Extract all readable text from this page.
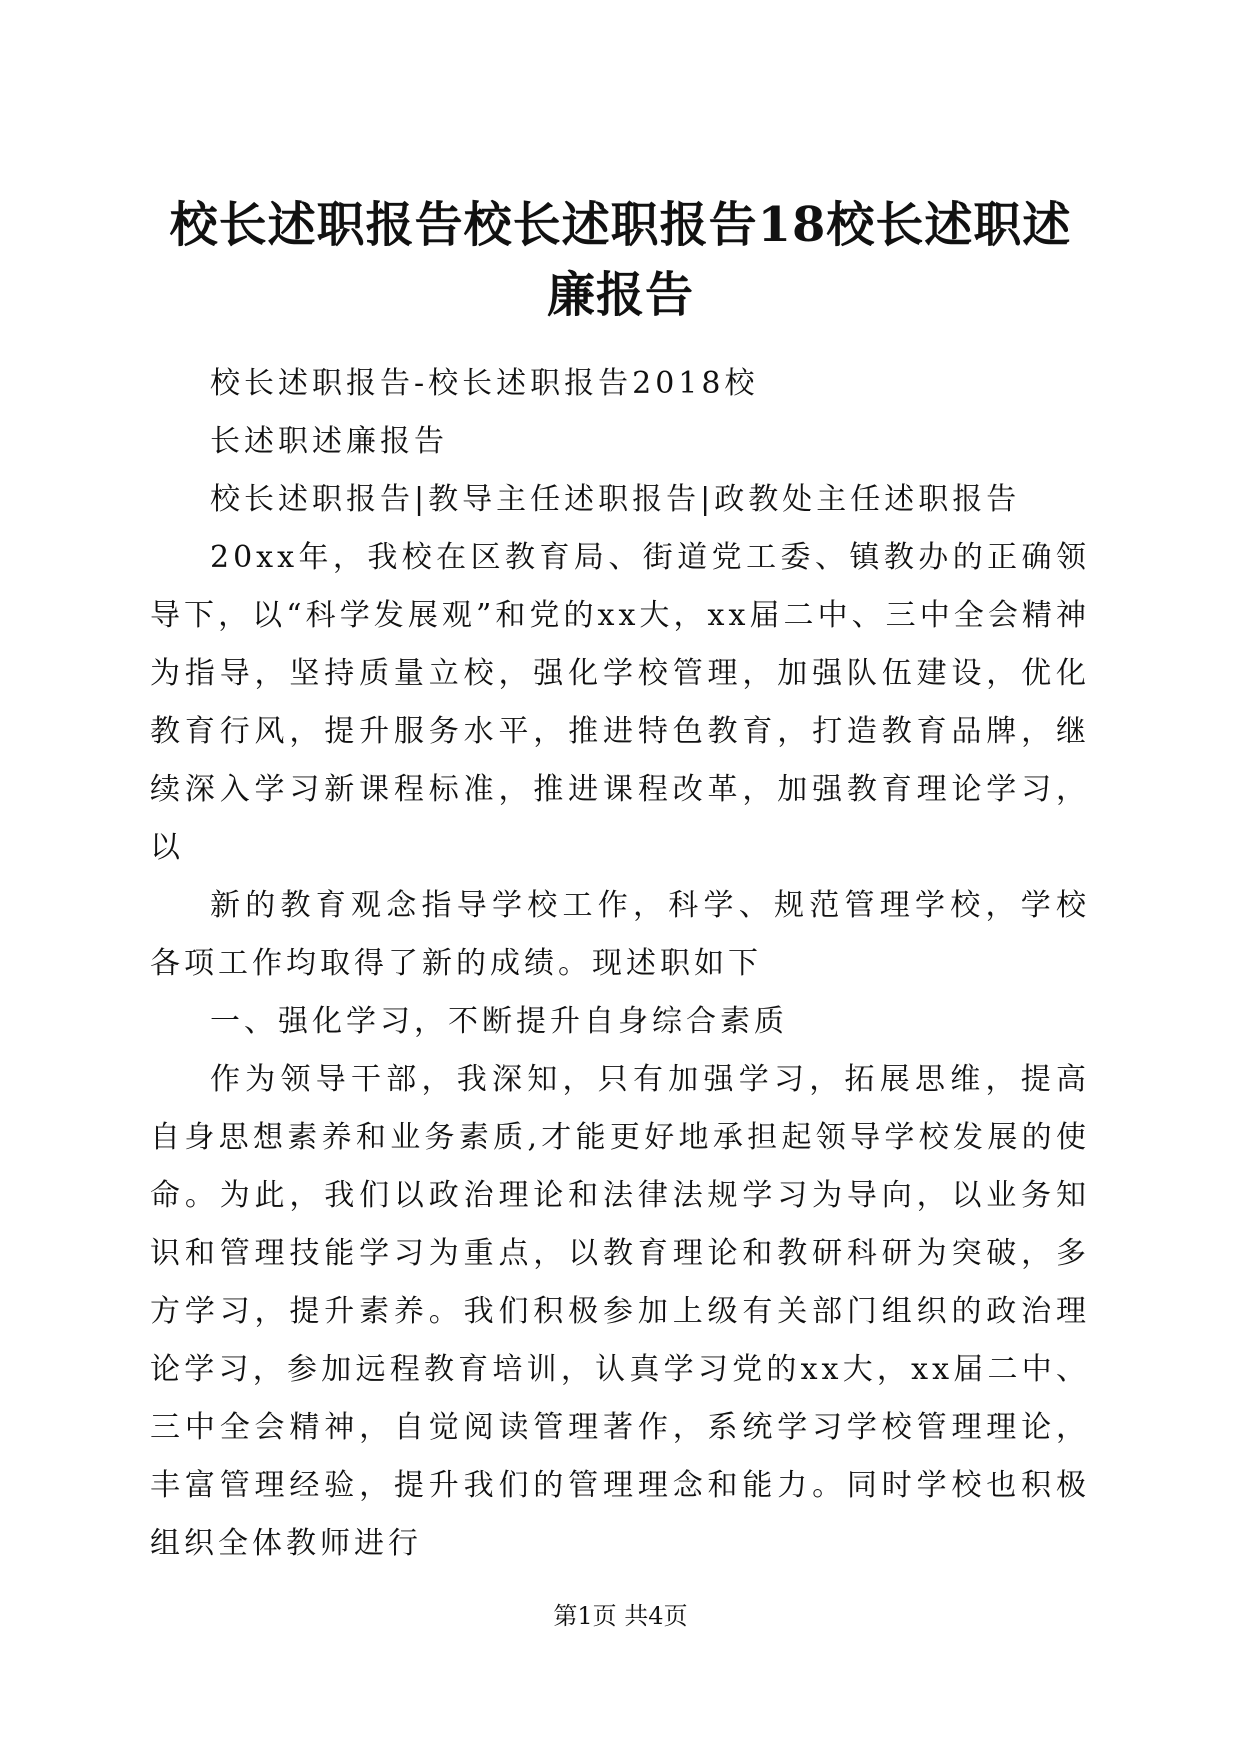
校长述职报告校长述职报告18校长述职述廉报告

校长述职报告-校长述职报告2018校

长述职述廉报告

校长述职报告|教导主任述职报告|政教处主任述职报告

20xx年，我校在区教育局、街道党工委、镇教办的正确领导下，以“科学发展观”和党的xx大，xx届二中、三中全会精神为指导，坚持质量立校，强化学校管理，加强队伍建设，优化教育行风，提升服务水平，推进特色教育，打造教育品牌，继续深入学习新课程标准，推进课程改革，加强教育理论学习，以

新的教育观念指导学校工作，科学、规范管理学校，学校各项工作均取得了新的成绩。现述职如下

一、强化学习，不断提升自身综合素质

作为领导干部，我深知，只有加强学习，拓展思维，提高自身思想素养和业务素质,才能更好地承担起领导学校发展的使命。为此，我们以政治理论和法律法规学习为导向，以业务知识和管理技能学习为重点，以教育理论和教研科研为突破，多方学习，提升素养。我们积极参加上级有关部门组织的政治理论学习，参加远程教育培训，认真学习党的xx大，xx届二中、三中全会精神，自觉阅读管理著作，系统学习学校管理理论，丰富管理经验，提升我们的管理理念和能力。同时学校也积极组织全体教师进行

第1页 共4页
